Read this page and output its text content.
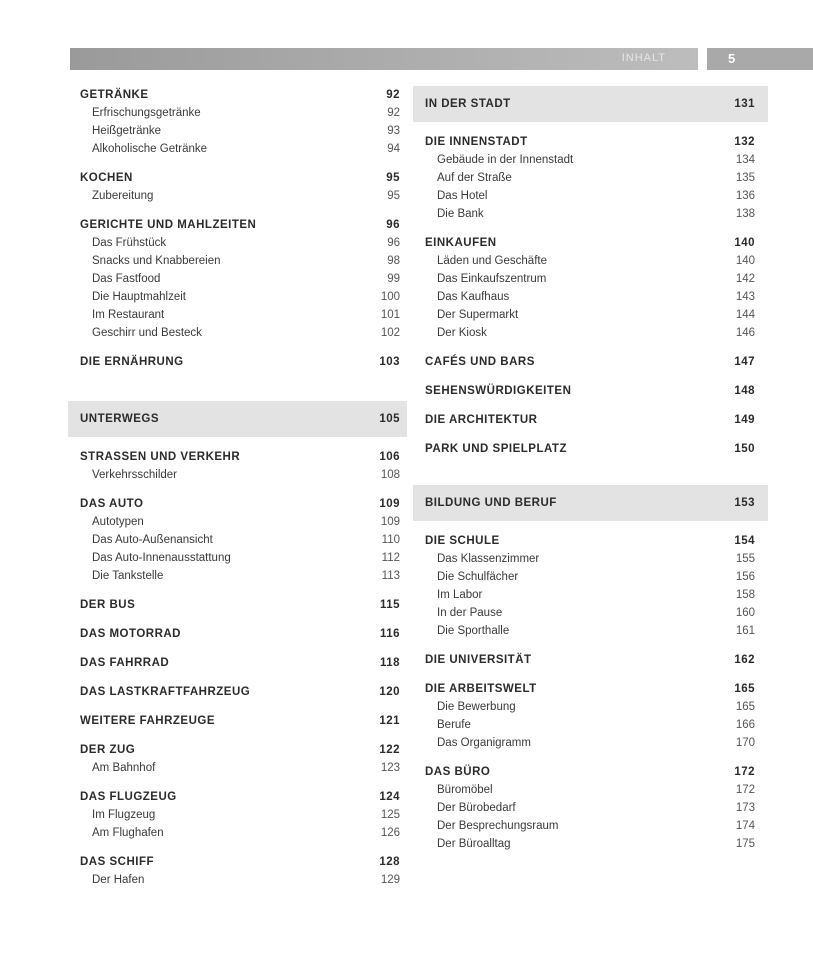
INHALT	5
GETRÄNKE	92
Erfrischungsgetränke	92
Heißgetränke	93
Alkoholische Getränke	94
KOCHEN	95
Zubereitung	95
GERICHTE UND MAHLZEITEN	96
Das Frühstück	96
Snacks und Knabbereien	98
Das Fastfood	99
Die Hauptmahlzeit	100
Im Restaurant	101
Geschirr und Besteck	102
DIE ERNÄHRUNG	103
UNTERWEGS	105
STRASSEN UND VERKEHR	106
Verkehrsschilder	108
DAS AUTO	109
Autotypen	109
Das Auto-Außenansicht	110
Das Auto-Innenausstattung	112
Die Tankstelle	113
DER BUS	115
DAS MOTORRAD	116
DAS FAHRRAD	118
DAS LASTKRAFTFAHRZEUG	120
WEITERE FAHRZEUGE	121
DER ZUG	122
Am Bahnhof	123
DAS FLUGZEUG	124
Im Flugzeug	125
Am Flughafen	126
DAS SCHIFF	128
Der Hafen	129
IN DER STADT	131
DIE INNENSTADT	132
Gebäude in der Innenstadt	134
Auf der Straße	135
Das Hotel	136
Die Bank	138
EINKAUFEN	140
Läden und Geschäfte	140
Das Einkaufszentrum	142
Das Kaufhaus	143
Der Supermarkt	144
Der Kiosk	146
CAFÉS UND BARS	147
SEHENSWÜRDIGKEITEN	148
DIE ARCHITEKTUR	149
PARK UND SPIELPLATZ	150
BILDUNG UND BERUF	153
DIE SCHULE	154
Das Klassenzimmer	155
Die Schulfächer	156
Im Labor	158
In der Pause	160
Die Sporthalle	161
DIE UNIVERSITÄT	162
DIE ARBEITSWELT	165
Die Bewerbung	165
Berufe	166
Das Organigramm	170
DAS BÜRO	172
Büromöbel	172
Der Bürobedarf	173
Der Besprechungsraum	174
Der Büroalltag	175
